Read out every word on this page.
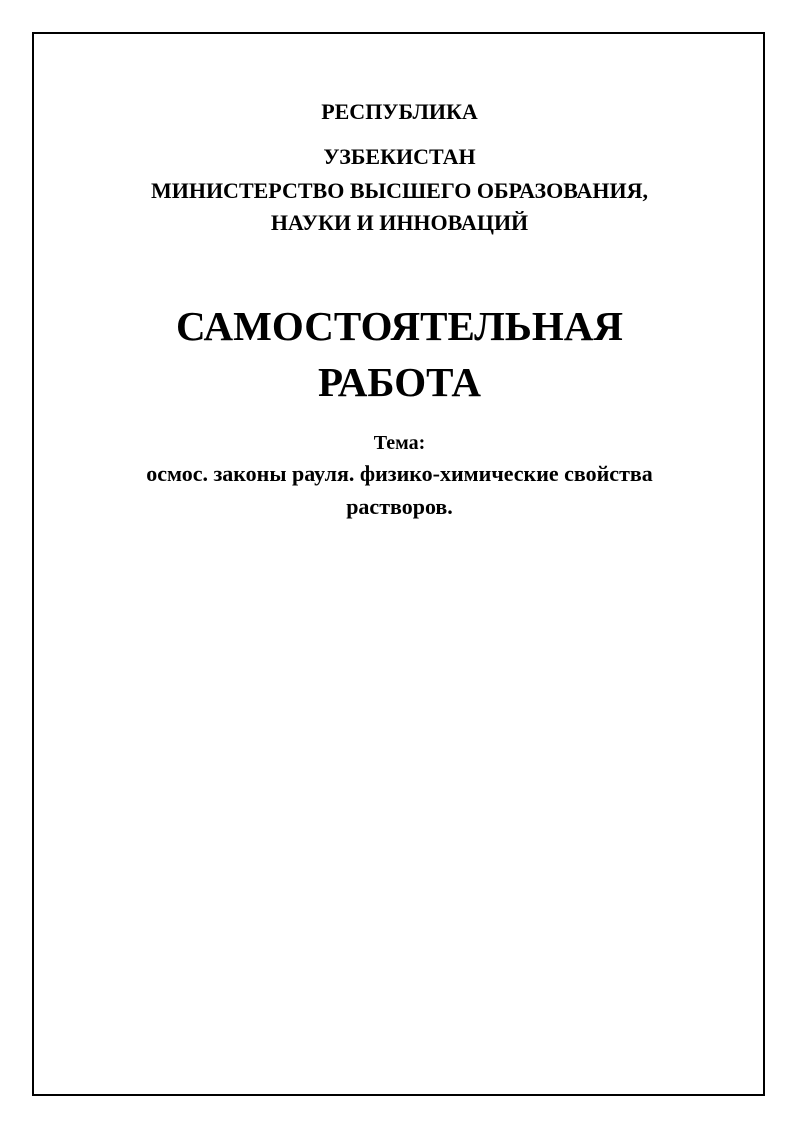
РЕСПУБЛИКА
УЗБЕКИСТАН
МИНИСТЕРСТВО ВЫСШЕГО ОБРАЗОВАНИЯ,
НАУКИ И ИННОВАЦИЙ
САМОСТОЯТЕЛЬНАЯ
РАБОТА
Тема:
осмос. законы рауля. физико-химические свойства
растворов.
